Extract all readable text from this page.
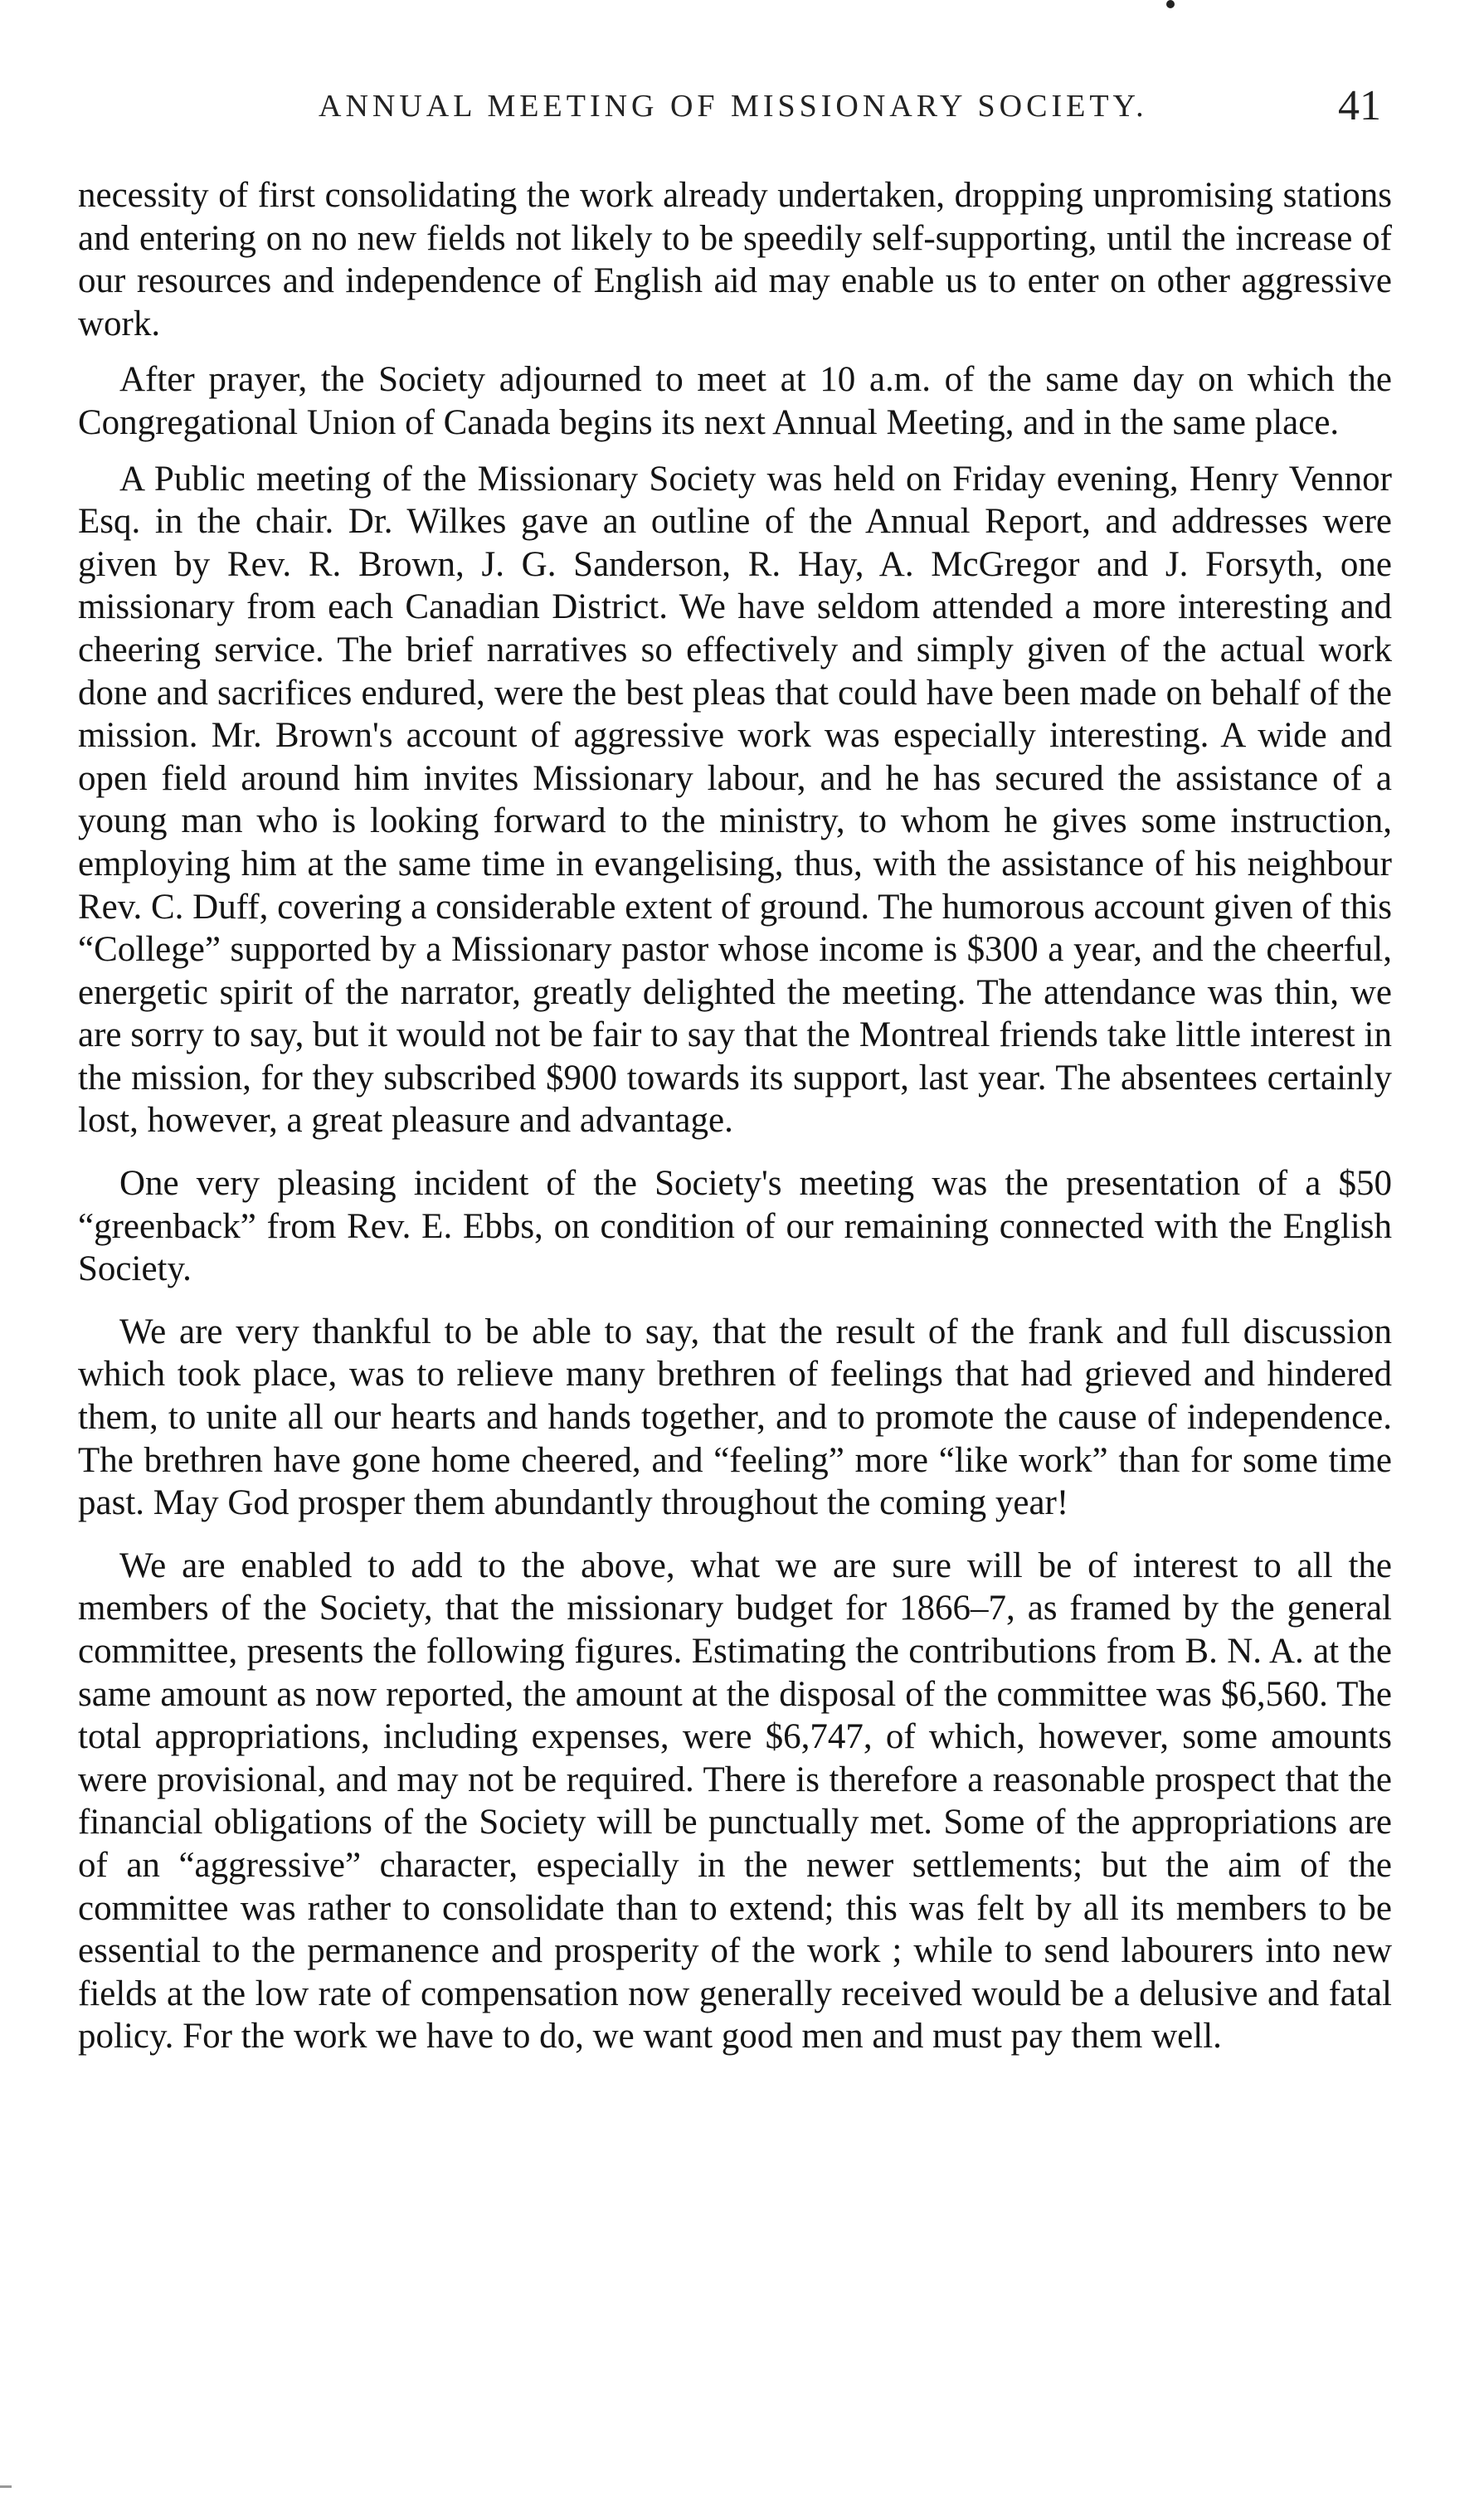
ANNUAL MEETING OF MISSIONARY SOCIETY.	41

necessity of first consolidating the work already undertaken, dropping unpromising stations and entering on no new fields not likely to be speedily self-supporting, until the increase of our resources and independence of English aid may enable us to enter on other aggressive work.

After prayer, the Society adjourned to meet at 10 a.m. of the same day on which the Congregational Union of Canada begins its next Annual Meeting, and in the same place.

A Public meeting of the Missionary Society was held on Friday evening, Henry Vennor Esq. in the chair. Dr. Wilkes gave an outline of the Annual Report, and addresses were given by Rev. R. Brown, J. G. Sanderson, R. Hay, A. McGregor and J. Forsyth, one missionary from each Canadian District. We have seldom attended a more interesting and cheering service. The brief narratives so effectively and simply given of the actual work done and sacrifices endured, were the best pleas that could have been made on behalf of the mission. Mr. Brown's account of aggressive work was especially interesting. A wide and open field around him invites Missionary labour, and he has secured the assistance of a young man who is looking forward to the ministry, to whom he gives some instruction, employing him at the same time in evangelising, thus, with the assistance of his neighbour Rev. C. Duff, covering a considerable extent of ground. The humorous account given of this “College” supported by a Missionary pastor whose income is $300 a year, and the cheerful, energetic spirit of the narrator, greatly delighted the meeting. The attendance was thin, we are sorry to say, but it would not be fair to say that the Montreal friends take little interest in the mission, for they subscribed $900 towards its support, last year. The absentees certainly lost, however, a great pleasure and advantage.

One very pleasing incident of the Society's meeting was the presentation of a $50 “greenback” from Rev. E. Ebbs, on condition of our remaining connected with the English Society.

We are very thankful to be able to say, that the result of the frank and full discussion which took place, was to relieve many brethren of feelings that had grieved and hindered them, to unite all our hearts and hands together, and to promote the cause of independence. The brethren have gone home cheered, and “feeling” more “like work” than for some time past. May God prosper them abundantly throughout the coming year!

We are enabled to add to the above, what we are sure will be of interest to all the members of the Society, that the missionary budget for 1866–7, as framed by the general committee, presents the following figures. Estimating the contributions from B. N. A. at the same amount as now reported, the amount at the disposal of the committee was $6,560. The total appropriations, including expenses, were $6,747, of which, however, some amounts were provisional, and may not be required. There is therefore a reasonable prospect that the financial obligations of the Society will be punctually met. Some of the appropriations are of an “aggressive” character, especially in the newer settlements; but the aim of the committee was rather to consolidate than to extend; this was felt by all its members to be essential to the permanence and prosperity of the work ; while to send labourers into new fields at the low rate of compensation now generally received would be a delusive and fatal policy. For the work we have to do, we want good men and must pay them well.
